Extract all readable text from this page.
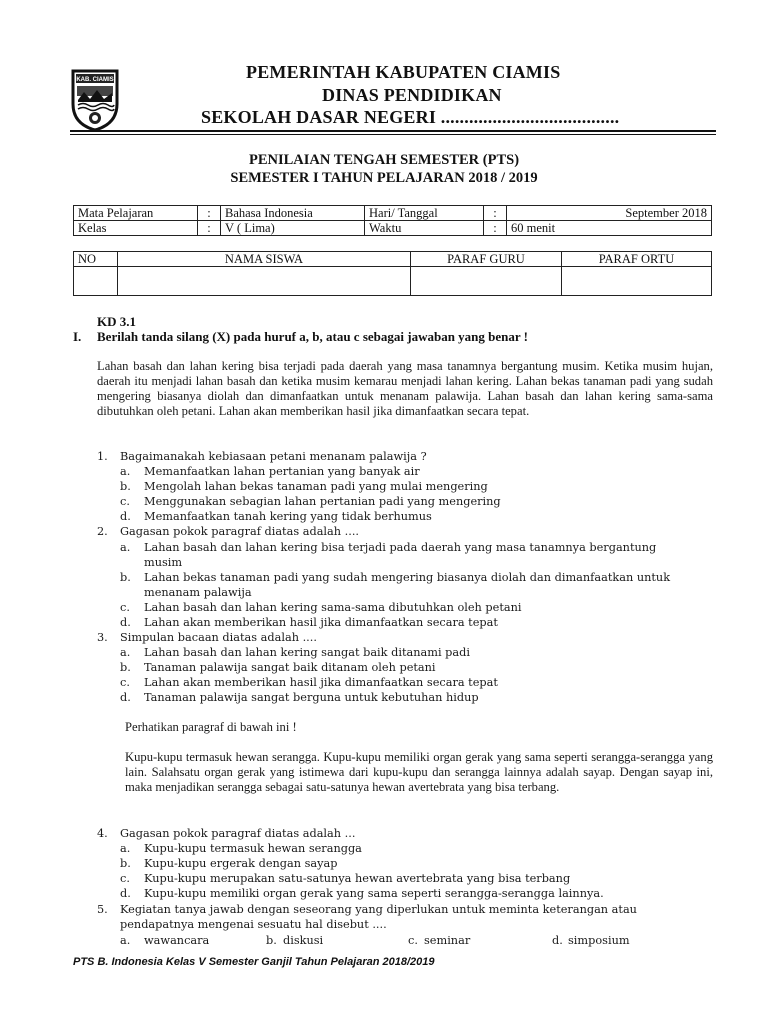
KAB. CIAMIS	PEMERINTAH KABUPATEN CIAMIS
DINAS PENDIDIKAN
SEKOLAH DASAR NEGERI ......................................
PENILAIAN TENGAH SEMESTER (PTS)
SEMESTER I TAHUN PELAJARAN 2018 / 2019
Mata Pelajaran	:	Bahasa Indonesia	Hari/ Tanggal	:	September 2018
Kelas	:	V ( Lima)	Waktu	:	60 menit
NO	NAMA SISWA	PARAF GURU	PARAF ORTU

KD 3.1
I. Berilah tanda silang (X) pada huruf a, b, atau c sebagai jawaban yang benar !
Lahan basah dan lahan kering bisa terjadi pada daerah yang masa tanamnya bergantung musim. Ketika musim hujan, daerah itu menjadi lahan basah dan ketika musim kemarau menjadi lahan kering. Lahan bekas tanaman padi yang sudah mengering biasanya diolah dan dimanfaatkan untuk menanam palawija. Lahan basah dan lahan kering sama-sama dibutuhkan oleh petani. Lahan akan memberikan hasil jika dimanfaatkan secara tepat.
1. Bagaimanakah kebiasaan petani menanam palawija ?
a. Memanfaatkan lahan pertanian yang banyak air
b. Mengolah lahan bekas tanaman padi yang mulai mengering
c. Menggunakan sebagian lahan pertanian padi yang mengering
d. Memanfaatkan tanah kering yang tidak berhumus
2. Gagasan pokok paragraf diatas adalah ....
a. Lahan basah dan lahan kering bisa terjadi pada daerah yang masa tanamnya bergantung musim
b. Lahan bekas tanaman padi yang sudah mengering biasanya diolah dan dimanfaatkan untuk menanam palawija
c. Lahan basah dan lahan kering sama-sama dibutuhkan oleh petani
d. Lahan akan memberikan hasil jika dimanfaatkan secara tepat
3. Simpulan bacaan diatas adalah ....
a. Lahan basah dan lahan kering sangat baik ditanami padi
b. Tanaman palawija sangat baik ditanam oleh petani
c. Lahan akan memberikan hasil jika dimanfaatkan secara tepat
d. Tanaman palawija sangat berguna untuk kebutuhan hidup
Perhatikan paragraf di bawah ini !
Kupu-kupu termasuk hewan serangga. Kupu-kupu memiliki organ gerak yang sama seperti serangga-serangga yang lain. Salahsatu organ gerak yang istimewa dari kupu-kupu dan serangga lainnya adalah sayap. Dengan sayap ini, maka menjadikan serangga sebagai satu-satunya hewan avertebrata yang bisa terbang.
4. Gagasan pokok paragraf diatas adalah ...
a. Kupu-kupu termasuk hewan serangga
b. Kupu-kupu ergerak dengan sayap
c. Kupu-kupu merupakan satu-satunya hewan avertebrata yang bisa terbang
d. Kupu-kupu memiliki organ gerak yang sama seperti serangga-serangga lainnya.
5. Kegiatan tanya jawab dengan seseorang yang diperlukan untuk meminta keterangan atau pendapatnya mengenai sesuatu hal disebut ....
a. wawancara	b. diskusi	c. seminar	d. simposium
PTS B. Indonesia Kelas V Semester Ganjil Tahun Pelajaran 2018/2019
